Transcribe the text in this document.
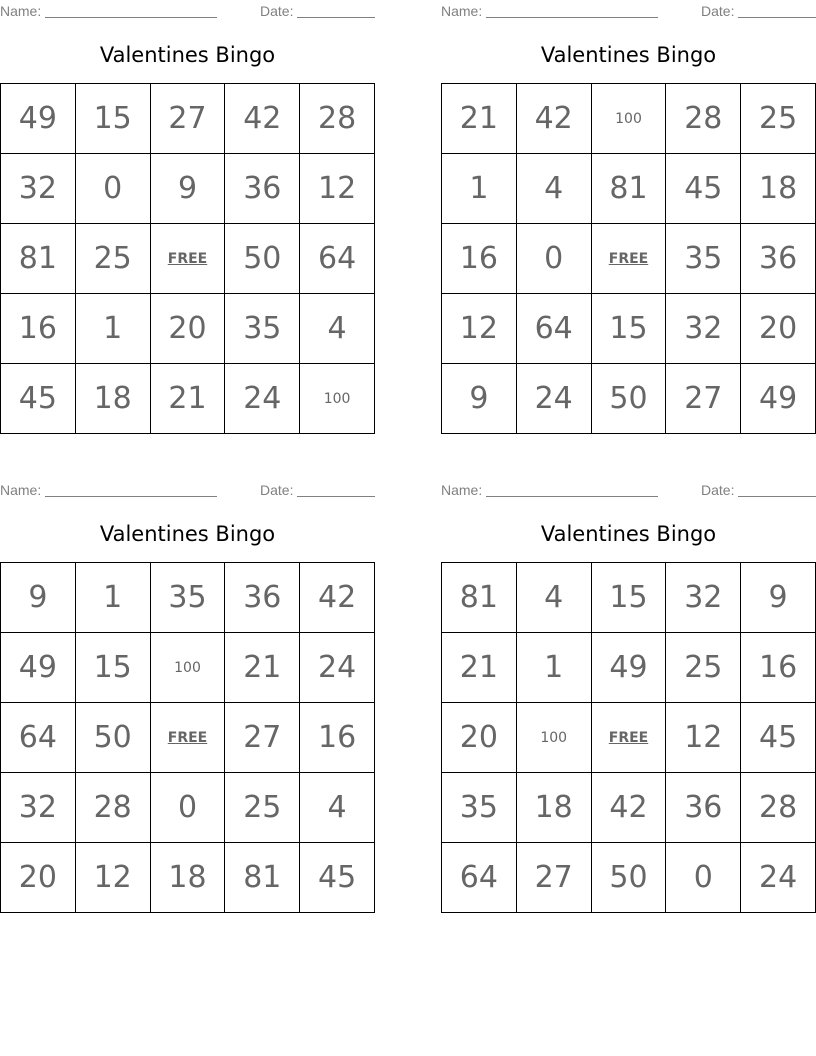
Name:	Date:
Valentines Bingo
49	15	27	42	28
32	0	9	36	12
81	25	FREE	50	64
16	1	20	35	4
45	18	21	24	100
Name:	Date:
Valentines Bingo
21	42	100	28	25
1	4	81	45	18
16	0	FREE	35	36
12	64	15	32	20
9	24	50	27	49
Name:	Date:
Valentines Bingo
9	1	35	36	42
49	15	100	21	24
64	50	FREE	27	16
32	28	0	25	4
20	12	18	81	45
Name:	Date:
Valentines Bingo
81	4	15	32	9
21	1	49	25	16
20	100	FREE	12	45
35	18	42	36	28
64	27	50	0	24
